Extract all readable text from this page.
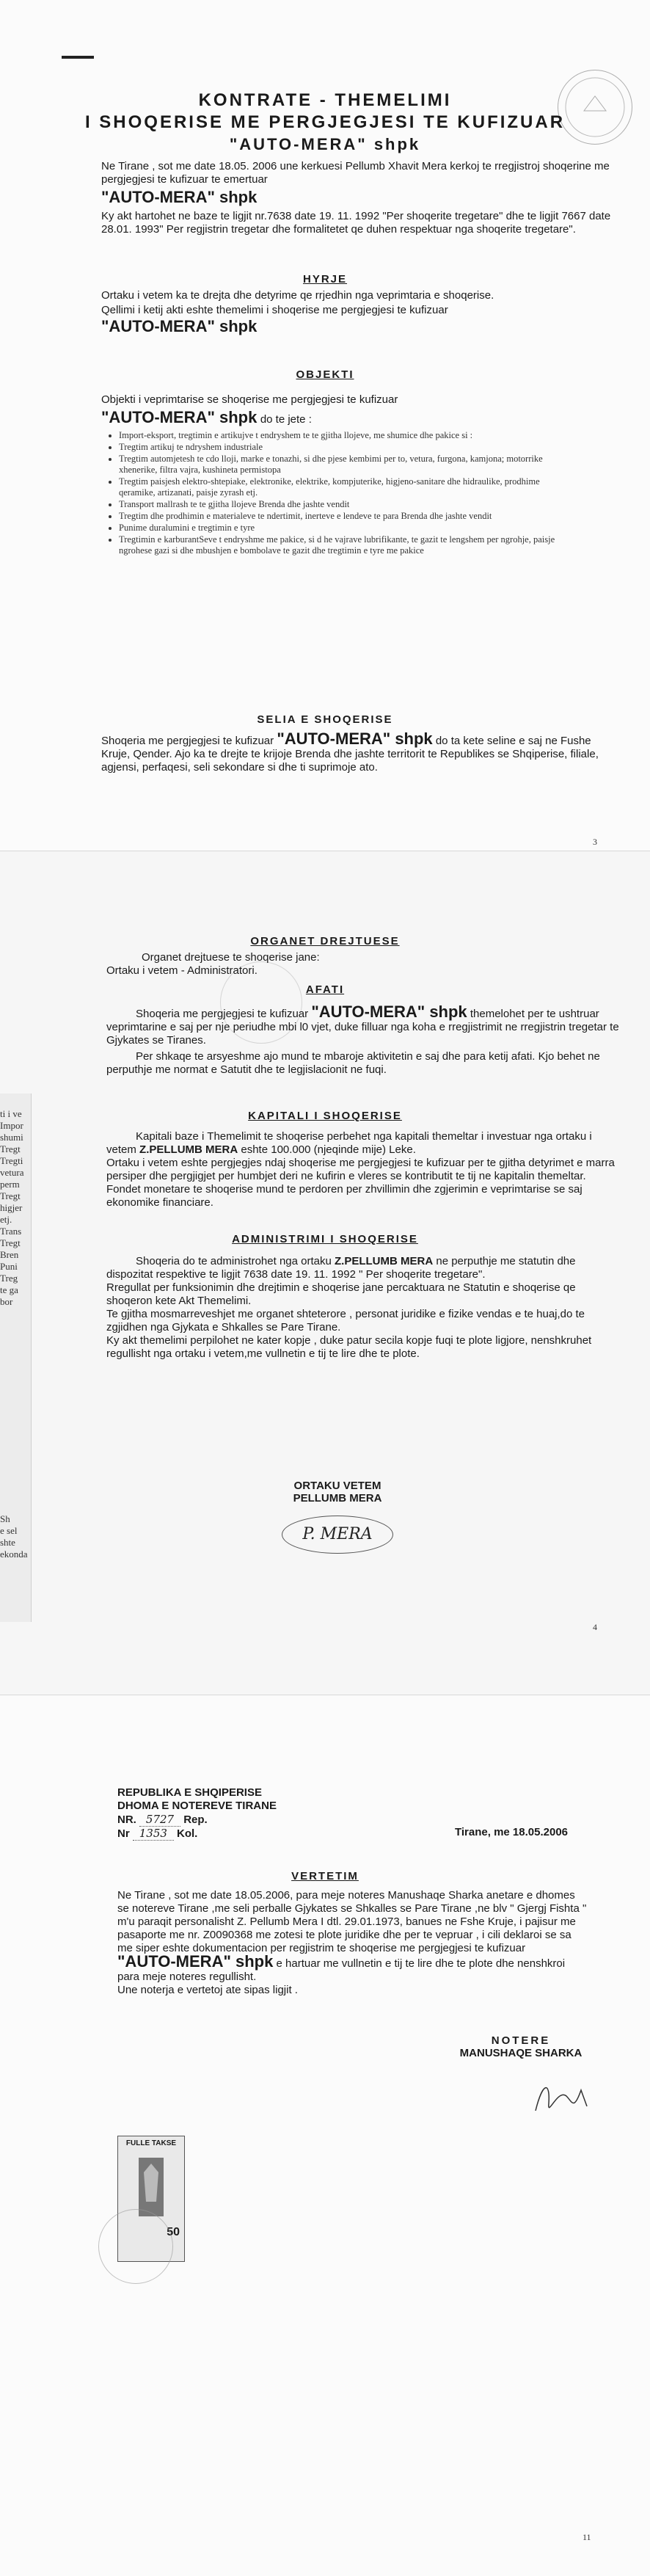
KONTRATE - THEMELIMI
I SHOQERISE ME PERGJEGJESI TE KUFIZUAR
"AUTO-MERA" shpk

Ne Tirane , sot me date 18.05. 2006 une kerkuesi Pellumb Xhavit Mera kerkoj te rregjistroj shoqerine me pergjegjesi te kufizuar te emertuar

"AUTO-MERA" shpk

Ky akt hartohet ne baze te ligjit nr.7638 date 19. 11. 1992 "Per shoqerite tregetare" dhe te ligjit 7667 date 28.01. 1993" Per regjistrin tregetar dhe formalitetet qe duhen respektuar nga shoqerite tregetare".

HYRJE

Ortaku i vetem ka te drejta dhe detyrime qe rrjedhin nga veprimtaria e shoqerise.

Qellimi i ketij akti eshte themelimi i shoqerise me pergjegjesi te kufizuar

"AUTO-MERA" shpk
OBJEKTI

Objekti i veprimtarise se shoqerise me pergjegjesi te kufizuar

"AUTO-MERA" shpk do te jete :
• Import-eksport, tregtimin e artikujve t endryshem te te gjitha llojeve, me shumice dhe pakice si :
• Tregtim artikuj te ndryshem industriale
• Tregtim automjetesh te cdo lloji, marke e tonazhi, si dhe pjese kembimi per to, vetura, furgona, kamjona; motorrike xhenerike, filtra vajra, kushineta permistopa
• Tregtim paisjesh elektro-shtepiake, elektronike, elektrike, kompjuterike, higjeno-sanitare dhe hidraulike, prodhime qeramike, artizanati, paisje zyrash etj.
• Transport mallrash te te gjitha llojeve Brenda dhe jashte vendit
• Tregtim dhe prodhimin e materialeve te ndertimit, inerteve e lendeve te para Brenda dhe jashte vendit
• Punime duralumini e tregtimin e tyre
• Tregtimin e karburantSeve t endryshme me pakice, si d he vajrave lubrifikante, te gazit te lengshem per ngrohje, paisje ngrohese gazi si dhe mbushjen e bombolave te gazit dhe tregtimin e tyre me pakice
SELIA E SHOQERISE

Shoqeria me pergjegjesi te kufizuar "AUTO-MERA" shpk do ta kete seline e saj ne Fushe Kruje, Qender. Ajo ka te drejte te krijoje Brenda dhe jashte territorit te Republikes se Shqiperise, filiale, agjensi, perfaqesi, seli sekondare si dhe ti suprimoje ato.

3
ti i ve
Impor
shumi
Tregt
Tregti
vetura
perm
Tregt
higjer
etj.
Trans
Tregt
Bren
Puni
Treg
te ga
bor
Sh
e sel
shte
ekonda
ORGANET DREJTUESE

Organet drejtuese te shoqerise jane:

Ortaku i vetem - Administratori.

AFATI

Shoqeria me pergjegjesi te kufizuar "AUTO-MERA" shpk themelohet per te ushtruar veprimtarine e saj per nje periudhe mbi l0 vjet, duke filluar nga koha e rregjistrimit ne rregjistrin tregetar te Gjykates se Tiranes.

Per shkaqe te arsyeshme ajo mund te mbaroje aktivitetin e saj dhe para ketij afati. Kjo behet ne perputhje me normat e Satutit dhe te legjislacionit ne fuqi.

KAPITALI I SHOQERISE

Kapitali baze i Themelimit te shoqerise perbehet nga kapitali themeltar i investuar nga ortaku i vetem Z.PELLUMB MERA eshte 100.000 (njeqinde mije) Leke.

Ortaku i vetem eshte pergjegjes ndaj shoqerise me pergjegjesi te kufizuar per te gjitha detyrimet e marra persiper dhe pergjigjet per humbjet deri ne kufirin e vleres se kontributit te tij ne kapitalin themeltar.

Fondet monetare te shoqerise mund te perdoren per zhvillimin dhe zgjerimin e veprimtarise se saj ekonomike financiare.

ADMINISTRIMI I SHOQERISE

Shoqeria do te administrohet nga ortaku Z.PELLUMB MERA ne perputhje me statutin dhe dispozitat respektive te ligjit 7638 date 19. 11. 1992 " Per shoqerite tregetare".

Rregullat per funksionimin dhe drejtimin e shoqerise jane percaktuara ne Statutin e shoqerise qe shoqeron kete Akt Themelimi.

Te gjitha mosmarreveshjet me organet shteterore , personat juridike e fizike vendas e te huaj,do te zgjidhen nga Gjykata e Shkalles se Pare Tirane.

Ky akt themelimi perpilohet ne kater kopje , duke patur secila kopje fuqi te plote ligjore, nenshkruhet regullisht nga ortaku i vetem,me vullnetin e tij te lire dhe te plote.

ORTAKU VETEM
PELLUMB MERA
P. MERA
4
REPUBLIKA E SHQIPERISE
DHOMA E NOTEREVE TIRANE
NR. 5727 Rep.
Nr 1353 Kol.	Tirane, me 18.05.2006
VERTETIM

Ne Tirane , sot me date 18.05.2006, para meje noteres Manushaqe Sharka anetare e dhomes se notereve Tirane ,me seli perballe Gjykates se Shkalles se Pare Tirane ,ne blv " Gjergj Fishta " m'u paraqit personalisht Z. Pellumb Mera I dtl. 29.01.1973, banues ne Fshe Kruje, i pajisur me pasaporte me nr. Z0090368 me zotesi te plote juridike dhe per te vepruar , i cili deklaroi se sa me siper eshte dokumentacion per regjistrim te shoqerise me pergjegjesi te kufizuar

"AUTO-MERA" shpk e hartuar me vullnetin e tij te lire dhe te plote dhe nenshkroi para meje noteres regullisht.

Une noterja e vertetoj ate sipas ligjit .

NOTERE
MANUSHAQE SHARKA
FULLE TAKSE
50
11
